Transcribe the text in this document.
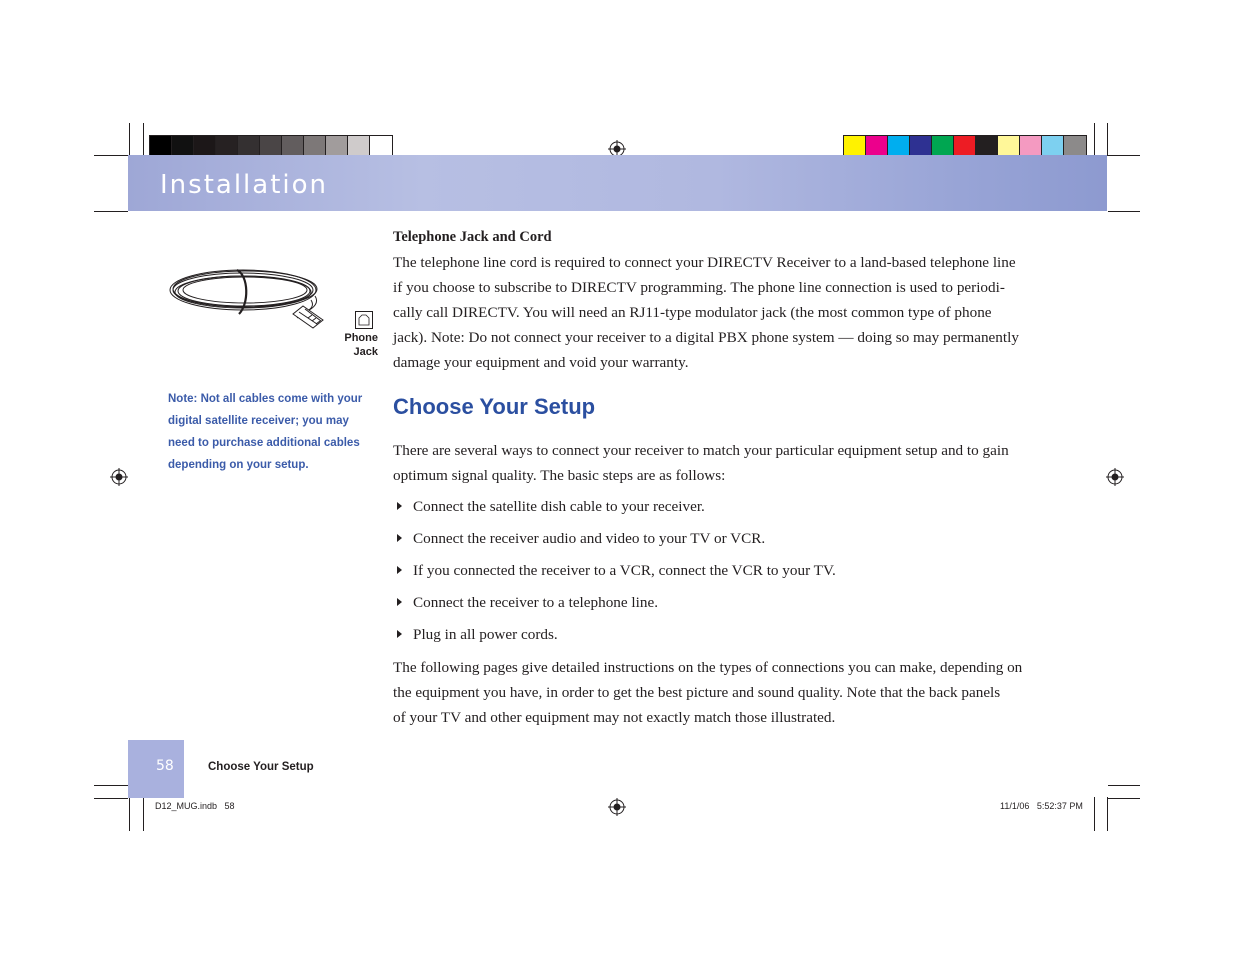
Installation
Phone
Jack

Note: Not all cables come with your digital satellite receiver; you may need to purchase additional cables depending on your setup.

Telephone Jack and Cord
The telephone line cord is required to connect your DIRECTV Receiver to a land-based telephone line
if you choose to subscribe to DIRECTV programming. The phone line connection is used to periodi-
cally call DIRECTV. You will need an RJ11-type modulator jack (the most common type of phone
jack). Note: Do not connect your receiver to a digital PBX phone system — doing so may permanently
damage your equipment and void your warranty.
Choose Your Setup
There are several ways to connect your receiver to match your particular equipment setup and to gain
optimum signal quality. The basic steps are as follows:
Connect the satellite dish cable to your receiver.
Connect the receiver audio and video to your TV or VCR.
If you connected the receiver to a VCR, connect the VCR to your TV.
Connect the receiver to a telephone line.
Plug in all power cords.
The following pages give detailed instructions on the types of connections you can make, depending on
the equipment you have, in order to get the best picture and sound quality. Note that the back panels
of your TV and other equipment may not exactly match those illustrated.
58	Choose Your Setup
D12_MUG.indb   58	11/1/06   5:52:37 PM
